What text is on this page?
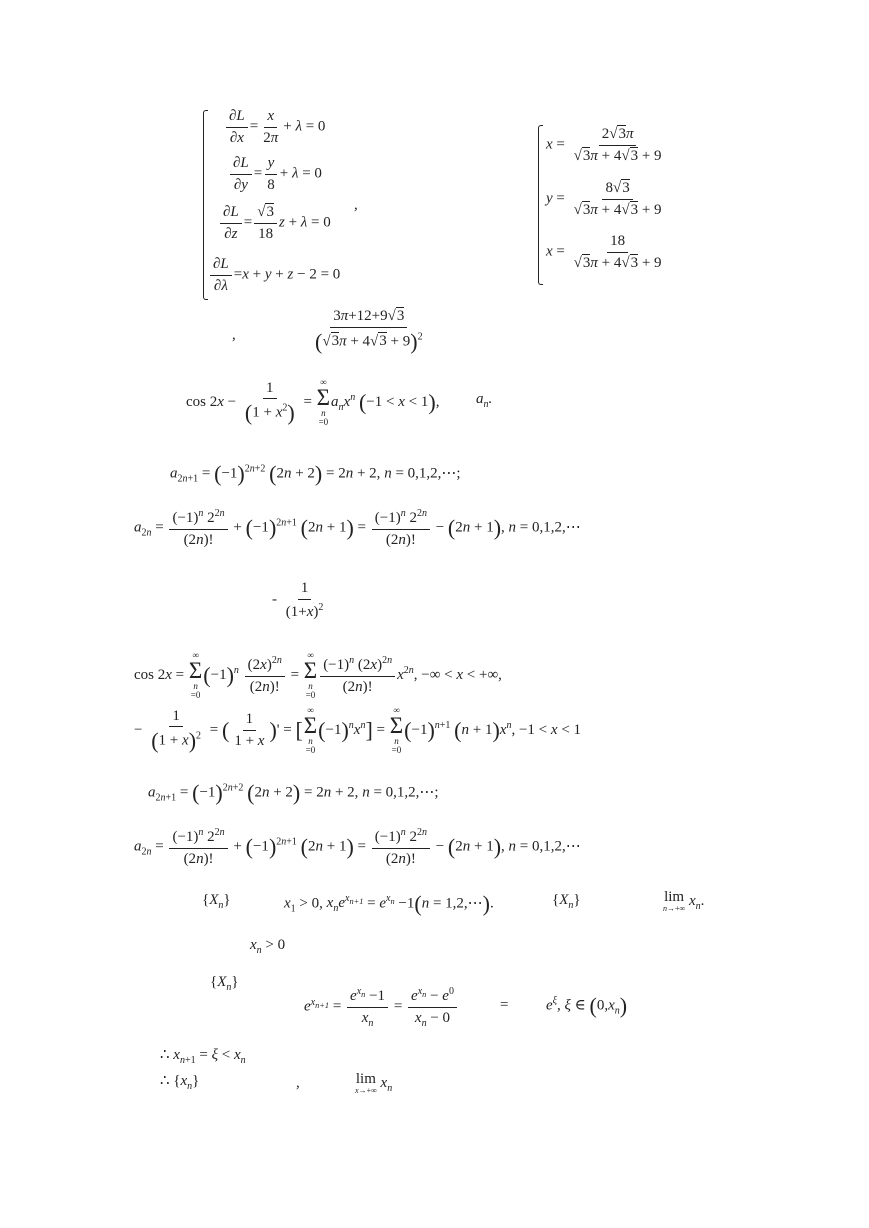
$\frac{\partial L}{\partial x} = \frac{x}{2\pi} + \lambda = 0$
$\frac{\partial L}{\partial y} = \frac{y}{8} + \lambda = 0$
$\frac{\partial L}{\partial z} = \frac{√3}{18}$ z + λ = 0
$\frac{\partial L}{\partial\lambda} =x + y + z - 2 = 0$
,
$x = \frac{2√3\pi}{√3\pi + 4√3 + 9}$
$y = \frac{8√3}{√3\pi + 4√3 + 9}$
$x = \frac{18}{√3\pi + 4√3 + 9}$
,	$\frac{3\pi+12+9√3}{(√3\pi + 4√3 + 9)^2}$
$\cos 2x - \frac{1}{(1 + x^2)}$ =
∞
Σ
n
=0
$a_nx^n$ (−1 < x < 1), $a_n$.
$a_{2n+1} = (-1)^{2n+2}$ (2n + 2) = 2n + 2, n = 0,1,2,⋯;
$a_{2n} = \frac{(-1)^n 2^{2n}}{(2n)!} + (-1)^{2n+1}$ $(2n + 1) = \frac{(-1)^n 2^{2n}}{(2n)!} - (2n + 1)$, n = 0,1,2,⋯
- $\frac{1}{(1+x)^2}$
cos 2x =
∞
Σ
n
=0
$(-1)^n \frac{(2x)^{2n}}{(2n)!}$ =
∞
Σ
n
$=0 \frac{(-1)^n (2x)^{2n}}{(2n)!} x^{2n}$, −∞ < x < +∞,
− $\frac{1}{(1 + x)^2}$ = ( $\frac{1}{1 + x}$ )' = [
∞
Σ
n
=0
$(-1)^nx^n$] =
∞
Σ
n
=0
$(-1)^{n+1}$ $(n + 1)x^n$, −1 < x < 1
$a_{2n+1} = (-1)^{2n+2}$ (2n + 2) = 2n + 2, n = 0,1,2,⋯;
$a_{2n} = \frac{(-1)^n 2^{2n}}{(2n)!} + (-1)^{2n+1}$ $(2n + 1) = \frac{(-1)^n 2^{2n}}{(2n)!} - (2n + 1)$, n = 0,1,2,⋯
$\{X_n\}$	$x_1 > 0$, $x_ne^{x_{n+1}} = e^{x_n} -1(n$ = 1,2,⋯).	$\{X_n\}$	lim
n→+∞ $x_n$.
$x_n > 0$
$\{X_n\}$
$e^{x_{n+1}} = \frac{e^{x_n} -1}{x_n} = \frac{e^{x_n} - e^0}{x_n - 0}$	=	$e^\xi$, ξ ∈ $(0,x_n)$
∴ $x_{n+1} = \xi < x_n$
∴ $\{x_n\}$	,	lim
x→+∞ $x_n$
